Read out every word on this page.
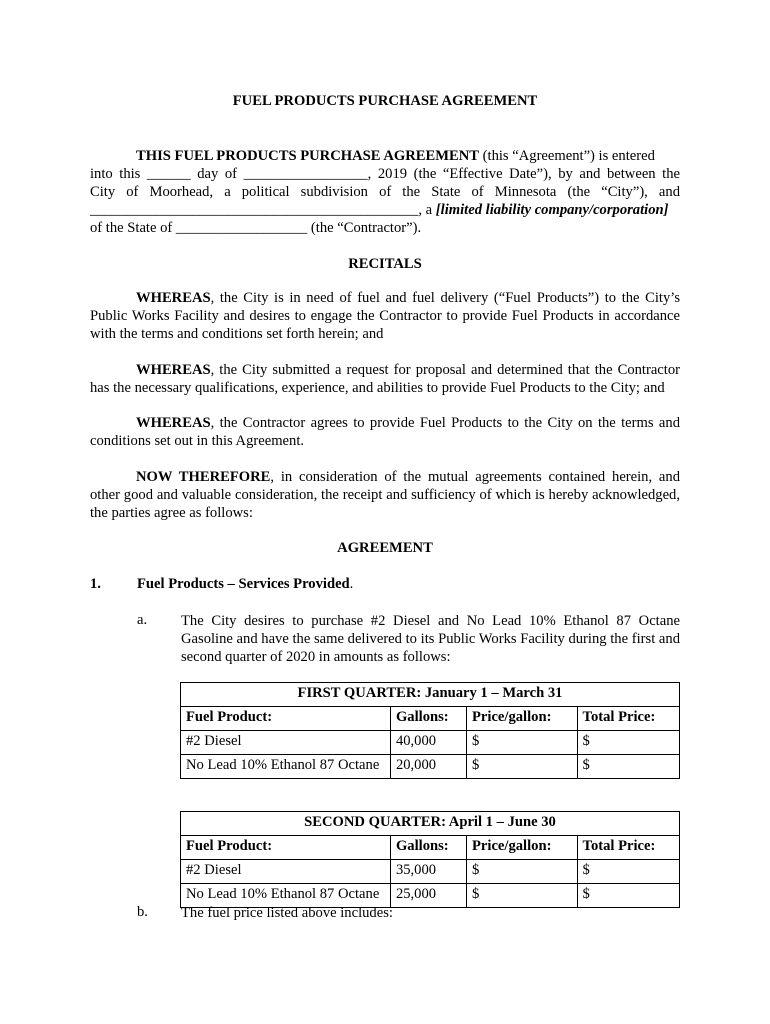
FUEL PRODUCTS PURCHASE AGREEMENT
THIS FUEL PRODUCTS PURCHASE AGREEMENT (this “Agreement”) is entered
into this ______ day of _________________, 2019 (the “Effective Date”), by and between the
City of Moorhead, a political subdivision of the State of Minnesota (the “City”), and
_____________________________________________, a [limited liability company/corporation]
of the State of __________________ (the “Contractor”).
RECITALS
WHEREAS, the City is in need of fuel and fuel delivery (“Fuel Products”) to the City’s Public Works Facility and desires to engage the Contractor to provide Fuel Products in accordance with the terms and conditions set forth herein; and
WHEREAS, the City submitted a request for proposal and determined that the Contractor has the necessary qualifications, experience, and abilities to provide Fuel Products to the City; and
WHEREAS, the Contractor agrees to provide Fuel Products to the City on the terms and conditions set out in this Agreement.
NOW THEREFORE, in consideration of the mutual agreements contained herein, and other good and valuable consideration, the receipt and sufficiency of which is hereby acknowledged, the parties agree as follows:
AGREEMENT
1. Fuel Products – Services Provided.
a. The City desires to purchase #2 Diesel and No Lead 10% Ethanol 87 Octane Gasoline and have the same delivered to its Public Works Facility during the first and second quarter of 2020 in amounts as follows:
FIRST QUARTER: January 1 – March 31			
Fuel Product:	Gallons:	Price/gallon:	Total Price:
#2 Diesel	40,000	$	$
No Lead 10% Ethanol 87 Octane	20,000	$	$
SECOND QUARTER: April 1 – June 30			
Fuel Product:	Gallons:	Price/gallon:	Total Price:
#2 Diesel	35,000	$	$
No Lead 10% Ethanol 87 Octane	25,000	$	$
b. The fuel price listed above includes:
